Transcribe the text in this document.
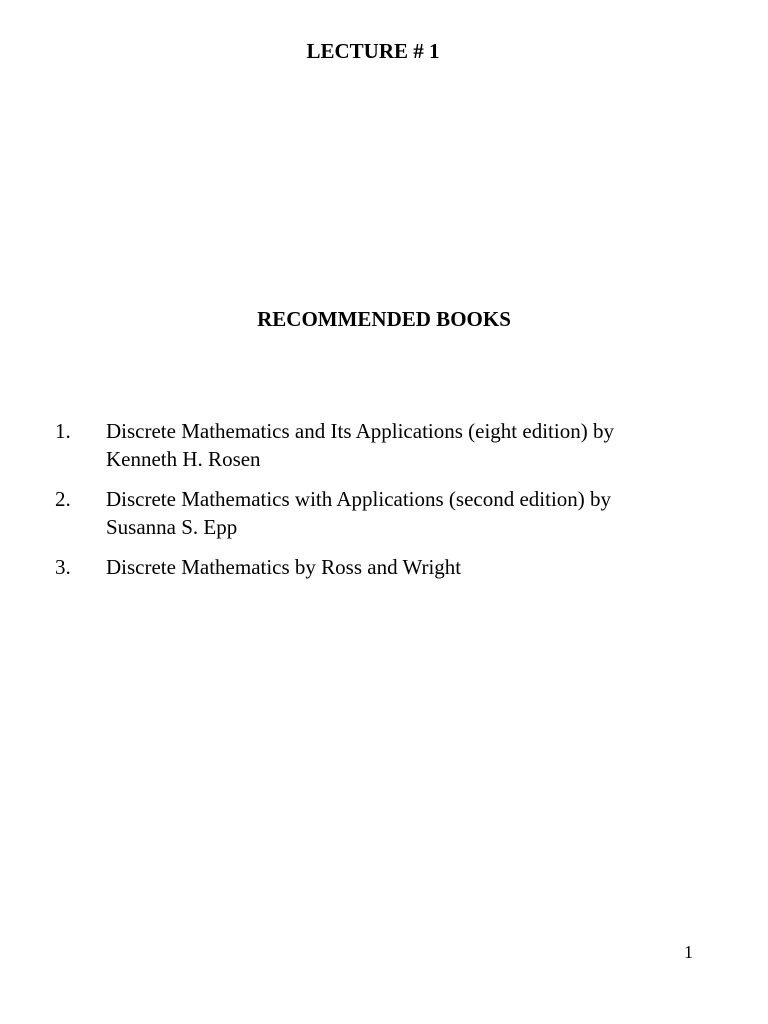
LECTURE # 1
RECOMMENDED BOOKS
1. Discrete Mathematics and Its Applications (eight edition) by
Kenneth H. Rosen
2. Discrete Mathematics with Applications (second edition) by
Susanna S. Epp
3. Discrete Mathematics by Ross and Wright
1
